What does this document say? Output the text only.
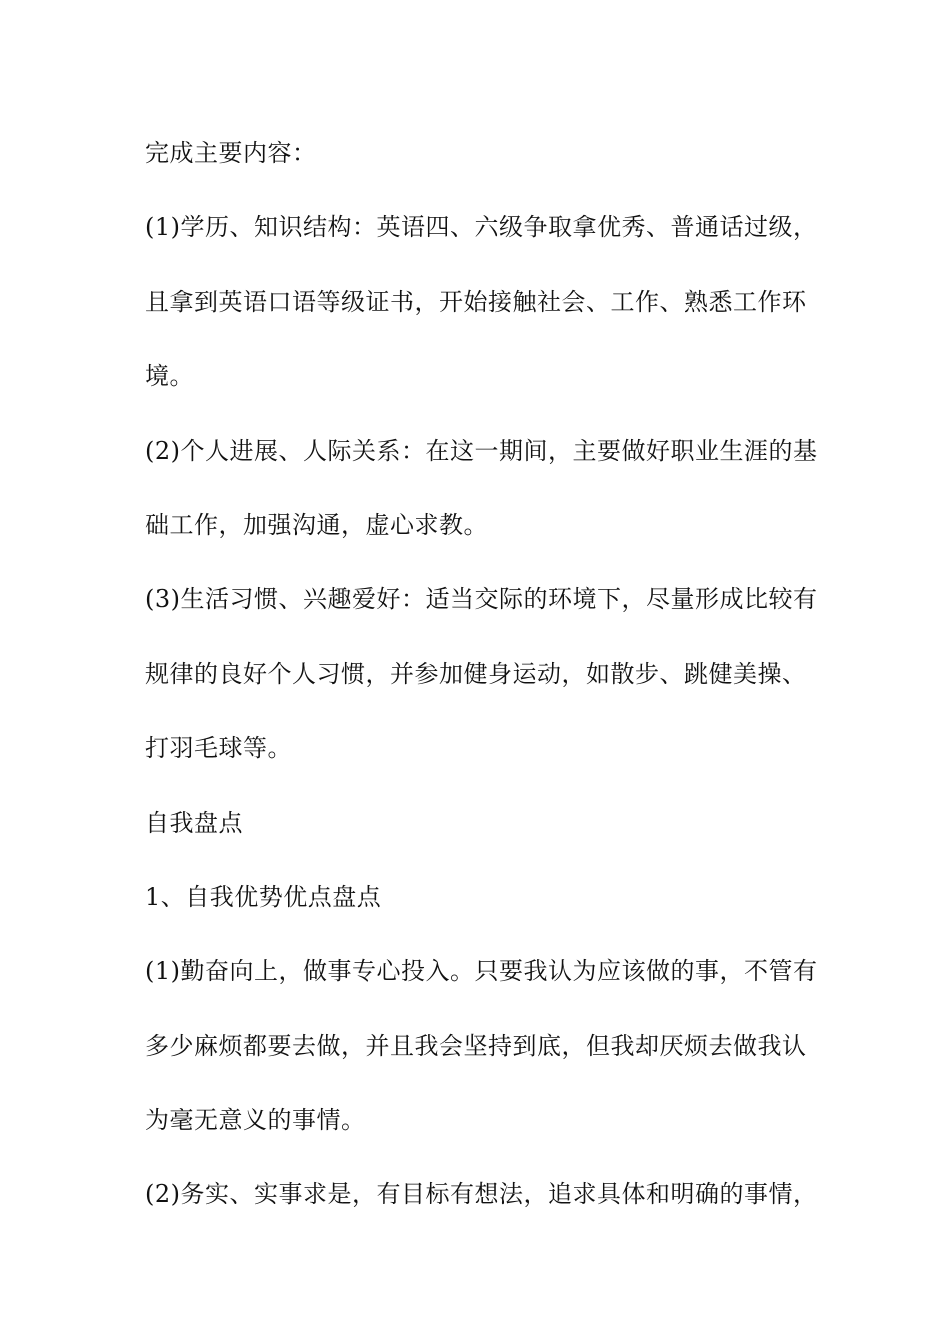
完成主要内容：
(1)学历、知识结构：英语四、六级争取拿优秀、普通话过级，
且拿到英语口语等级证书，开始接触社会、工作、熟悉工作环
境。
(2)个人进展、人际关系：在这一期间，主要做好职业生涯的基
础工作，加强沟通，虚心求教。
(3)生活习惯、兴趣爱好：适当交际的环境下，尽量形成比较有
规律的良好个人习惯，并参加健身运动，如散步、跳健美操、
打羽毛球等。
自我盘点
1、自我优势优点盘点
(1)勤奋向上，做事专心投入。只要我认为应该做的事，不管有
多少麻烦都要去做，并且我会坚持到底，但我却厌烦去做我认
为毫无意义的事情。
(2)务实、实事求是，有目标有想法，追求具体和明确的事情，
